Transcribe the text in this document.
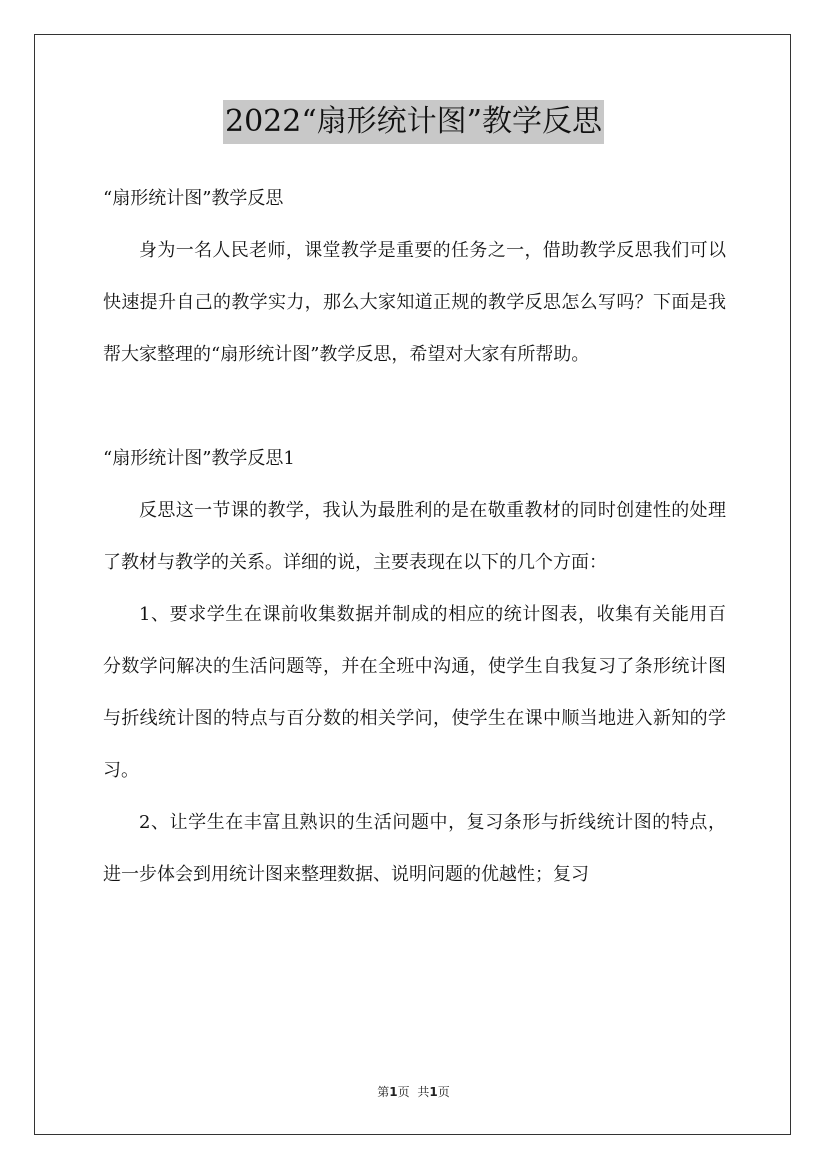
2022“扇形统计图”教学反思

“扇形统计图”教学反思

身为一名人民老师，课堂教学是重要的任务之一，借助教学反思我们可以快速提升自己的教学实力，那么大家知道正规的教学反思怎么写吗？下面是我帮大家整理的“扇形统计图”教学反思，希望对大家有所帮助。

“扇形统计图”教学反思1

反思这一节课的教学，我认为最胜利的是在敬重教材的同时创建性的处理了教材与教学的关系。详细的说，主要表现在以下的几个方面：

1、要求学生在课前收集数据并制成的相应的统计图表，收集有关能用百分数学问解决的生活问题等，并在全班中沟通，使学生自我复习了条形统计图与折线统计图的特点与百分数的相关学问，使学生在课中顺当地进入新知的学习。

2、让学生在丰富且熟识的生活问题中，复习条形与折线统计图的特点，进一步体会到用统计图来整理数据、说明问题的优越性；复习

第1页 共1页
